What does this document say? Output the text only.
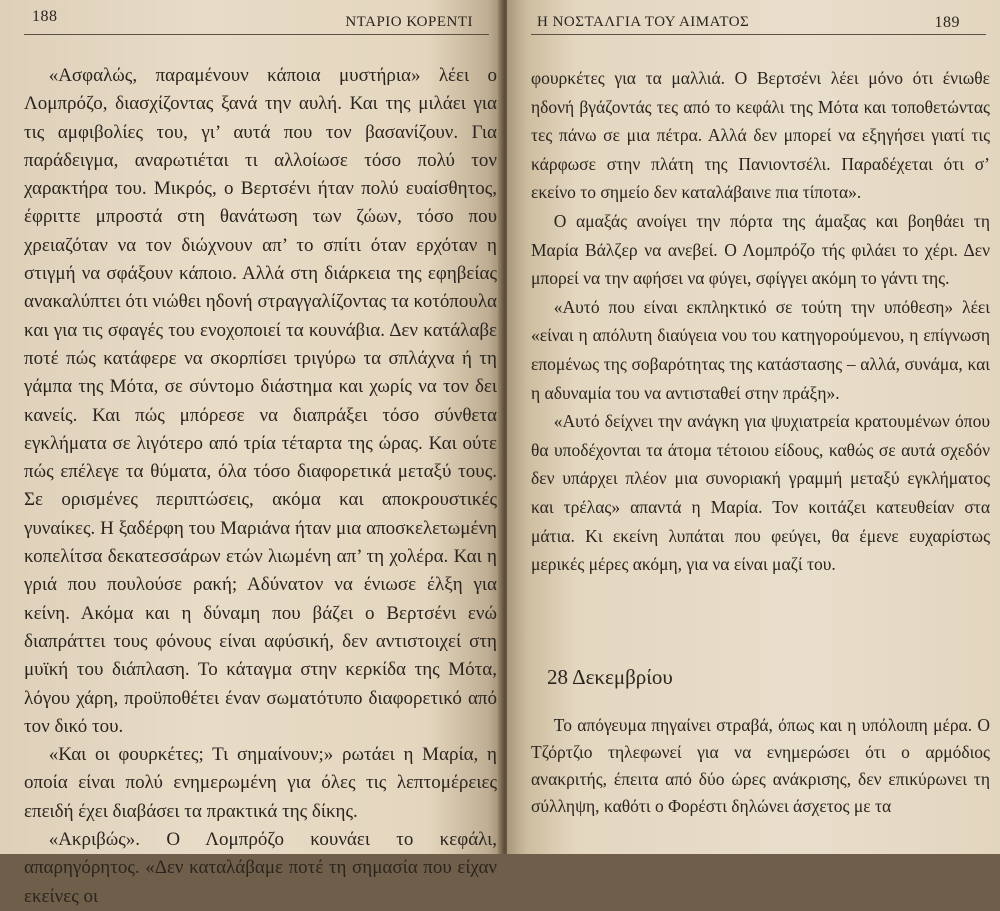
188	ΝΤΑΡΙΟ ΚΟΡΕΝΤΙ

«Ασφαλώς, παραμένουν κάποια μυστήρια» λέει ο Λομπρόζο, διασχίζοντας ξανά την αυλή. Και της μιλάει για τις αμφιβολίες του, γι’ αυτά που τον βασανίζουν. Για παράδειγμα, αναρωτιέται τι αλλοίωσε τόσο πολύ τον χαρακτήρα του. Μικρός, ο Βερτσένι ήταν πολύ ευαίσθητος, έφριττε μπροστά στη θανάτωση των ζώων, τόσο που χρειαζόταν να τον διώχνουν απ’ το σπίτι όταν ερχόταν η στιγμή να σφάξουν κάποιο. Αλλά στη διάρκεια της εφηβείας ανακαλύπτει ότι νιώθει ηδονή στραγγαλίζοντας τα κοτόπουλα και για τις σφαγές του ενοχοποιεί τα κουνάβια. Δεν κατάλαβε ποτέ πώς κατάφερε να σκορπίσει τριγύρω τα σπλάχνα ή τη γάμπα της Μότα, σε σύντομο διάστημα και χωρίς να τον δει κανείς. Και πώς μπόρεσε να διαπράξει τόσο σύνθετα εγκλήματα σε λιγότερο από τρία τέταρτα της ώρας. Και ούτε πώς επέλεγε τα θύματα, όλα τόσο διαφορετικά μεταξύ τους. Σε ορισμένες περιπτώσεις, ακόμα και αποκρουστικές γυναίκες. Η ξαδέρφη του Μαριάνα ήταν μια αποσκελετωμένη κοπελίτσα δεκατεσσάρων ετών λιωμένη απ’ τη χολέρα. Και η γριά που πουλούσε ρακή; Αδύνατον να ένιωσε έλξη για κείνη. Ακόμα και η δύναμη που βάζει ο Βερτσένι ενώ διαπράττει τους φόνους είναι αφύσική, δεν αντιστοιχεί στη μυϊκή του διάπλαση. Το κάταγμα στην κερκίδα της Μότα, λόγου χάρη, προϋποθέτει έναν σωματότυπο διαφορετικό από τον δικό του.

«Και οι φουρκέτες; Τι σημαίνουν;» ρωτάει η Μαρία, η οποία είναι πολύ ενημερωμένη για όλες τις λεπτομέρειες επειδή έχει διαβάσει τα πρακτικά της δίκης.

«Ακριβώς». Ο Λομπρόζο κουνάει το κεφάλι, απαρηγόρητος. «Δεν καταλάβαμε ποτέ τη σημασία που είχαν εκείνες οι

Η ΝΟΣΤΑΛΓΙΑ ΤΟΥ ΑΙΜΑΤΟΣ	189

φουρκέτες για τα μαλλιά. Ο Βερτσένι λέει μόνο ότι ένιωθε ηδονή βγάζοντάς τες από το κεφάλι της Μότα και τοποθετώντας τες πάνω σε μια πέτρα. Αλλά δεν μπορεί να εξηγήσει γιατί τις κάρφωσε στην πλάτη της Πανιοντσέλι. Παραδέχεται ότι σ’ εκείνο το σημείο δεν καταλάβαινε πια τίποτα».

Ο αμαξάς ανοίγει την πόρτα της άμαξας και βοηθάει τη Μαρία Βάλζερ να ανεβεί. Ο Λομπρόζο τής φιλάει το χέρι. Δεν μπορεί να την αφήσει να φύγει, σφίγγει ακόμη το γάντι της.

«Αυτό που είναι εκπληκτικό σε τούτη την υπόθεση» λέει «είναι η απόλυτη διαύγεια νου του κατηγορούμενου, η επίγνωση επομένως της σοβαρότητας της κατάστασης – αλλά, συνάμα, και η αδυναμία του να αντισταθεί στην πράξη».

«Αυτό δείχνει την ανάγκη για ψυχιατρεία κρατουμένων όπου θα υποδέχονται τα άτομα τέτοιου είδους, καθώς σε αυτά σχεδόν δεν υπάρχει πλέον μια συνοριακή γραμμή μεταξύ εγκλήματος και τρέλας» απαντά η Μαρία. Τον κοιτάζει κατευθείαν στα μάτια. Κι εκείνη λυπάται που φεύγει, θα έμενε ευχαρίστως μερικές μέρες ακόμη, για να είναι μαζί του.

28 Δεκεμβρίου

Το απόγευμα πηγαίνει στραβά, όπως και η υπόλοιπη μέρα. Ο Τζόρτζιο τηλεφωνεί για να ενημερώσει ότι ο αρμόδιος ανακριτής, έπειτα από δύο ώρες ανάκρισης, δεν επικύρωνει τη σύλληψη, καθότι ο Φορέστι δηλώνει άσχετος με τα
